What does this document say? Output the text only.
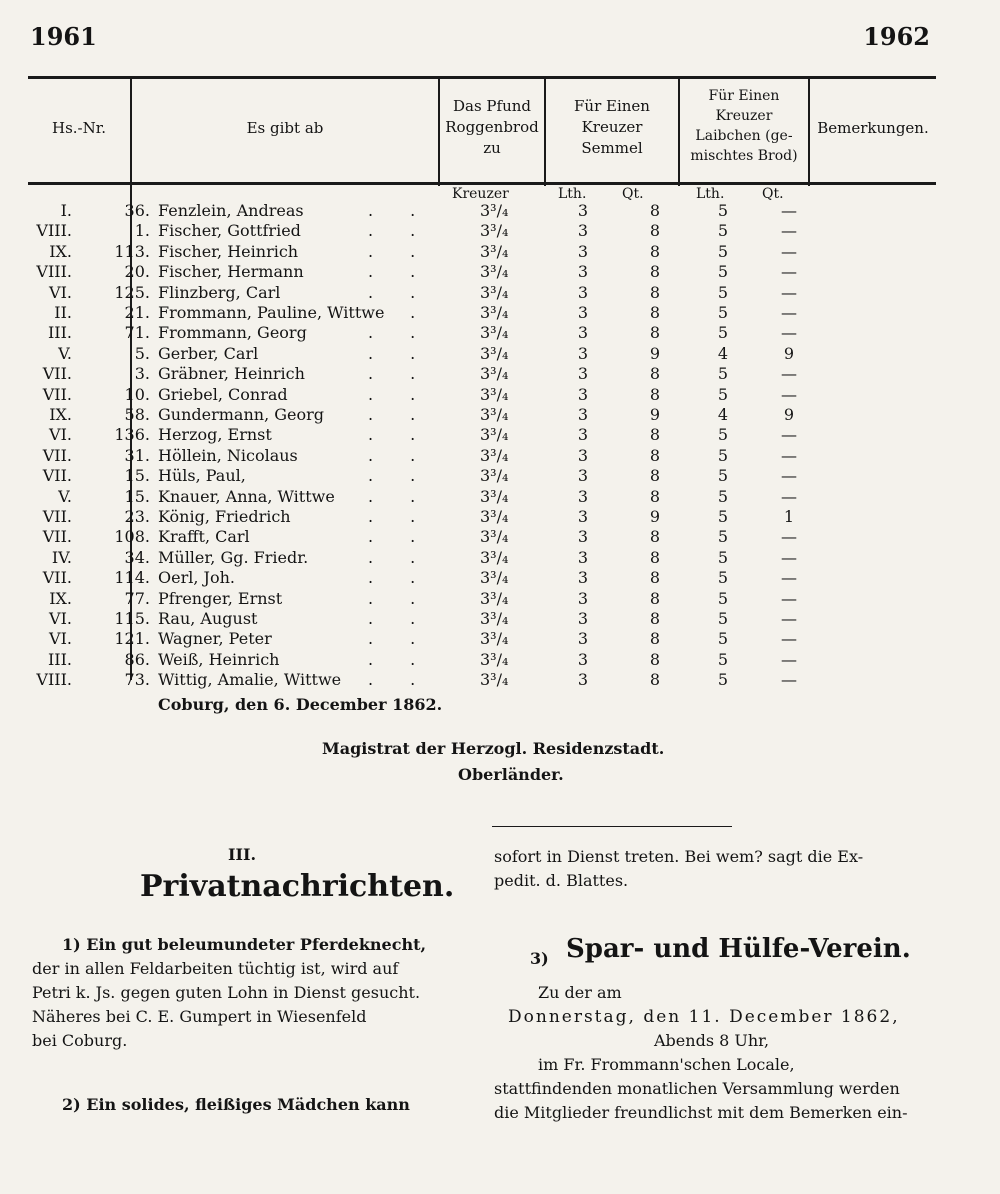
1961	1962
Hs.-Nr.	Es gibt ab
Das Pfund
Roggenbrod
zu
Für Einen
Kreuzer
Semmel
Für Einen
Kreuzer
Laibchen (ge-
mischtes Brod)
Bemerkungen.
Kreuzer	Lth.	Qt.	Lth.	Qt.
I.	36. Fenzlein, Andreas	3³/₄	3	8	5	—
. .
VIII.	1. Fischer, Gottfried	3³/₄	3	8	5	—
. .
IX.	113. Fischer, Heinrich	3³/₄	3	8	5	—
. .
VIII.	20. Fischer, Hermann	3³/₄	3	8	5	—
. .
VI.	125. Flinzberg, Carl	3³/₄	3	8	5	—
. .
II.	21. Frommann, Pauline, Wittwe	3³/₄	3	8	5	—
. .
III.	71. Frommann, Georg	3³/₄	3	8	5	—
. .
V.	5. Gerber, Carl	3³/₄	3	9	4	9
. .
VII.	3. Gräbner, Heinrich	3³/₄	3	8	5	—
. .
VII.	10. Griebel, Conrad	3³/₄	3	8	5	—
. .
IX.	58. Gundermann, Georg	3³/₄	3	9	4	9
. .
VI.	136. Herzog, Ernst	3³/₄	3	8	5	—
. .
VII.	31. Höllein, Nicolaus	3³/₄	3	8	5	—
. .
VII.	15. Hüls, Paul,	3³/₄	3	8	5	—
. .
V.	15. Knauer, Anna, Wittwe	3³/₄	3	8	5	—
. .
VII.	23. König, Friedrich	3³/₄	3	9	5	1
. .
VII.	108. Krafft, Carl	3³/₄	3	8	5	—
. .
IV.	34. Müller, Gg. Friedr.	3³/₄	3	8	5	—
. .
VII.	114. Oerl, Joh.	3³/₄	3	8	5	—
. .
IX.	77. Pfrenger, Ernst	3³/₄	3	8	5	—
. .
VI.	115. Rau, August	3³/₄	3	8	5	—
. .
VI.	121. Wagner, Peter	3³/₄	3	8	5	—
. .
III.	86. Weiß, Heinrich	3³/₄	3	8	5	—
. .
VIII.	73. Wittig, Amalie, Wittwe	3³/₄	3	8	5	—
. .
Coburg, den 6. December 1862.
Magistrat der Herzogl. Residenzstadt.
Oberländer.
III.
Privatnachrichten.
1) Ein gut beleumundeter Pferdeknecht,
der in allen Feldarbeiten tüchtig ist, wird auf
Petri k. Js. gegen guten Lohn in Dienst gesucht.
Näheres bei C. E. Gumpert in Wiesenfeld
bei Coburg.
2) Ein solides, fleißiges Mädchen kann
sofort in Dienst treten. Bei wem? sagt die Ex-
pedit. d. Blattes.
3) Spar- und Hülfe-Verein.
Zu der am
Donnerstag, den 11. December 1862,
Abends 8 Uhr,
im Fr. Frommann'schen Locale,
stattfindenden monatlichen Versammlung werden
die Mitglieder freundlichst mit dem Bemerken ein-
